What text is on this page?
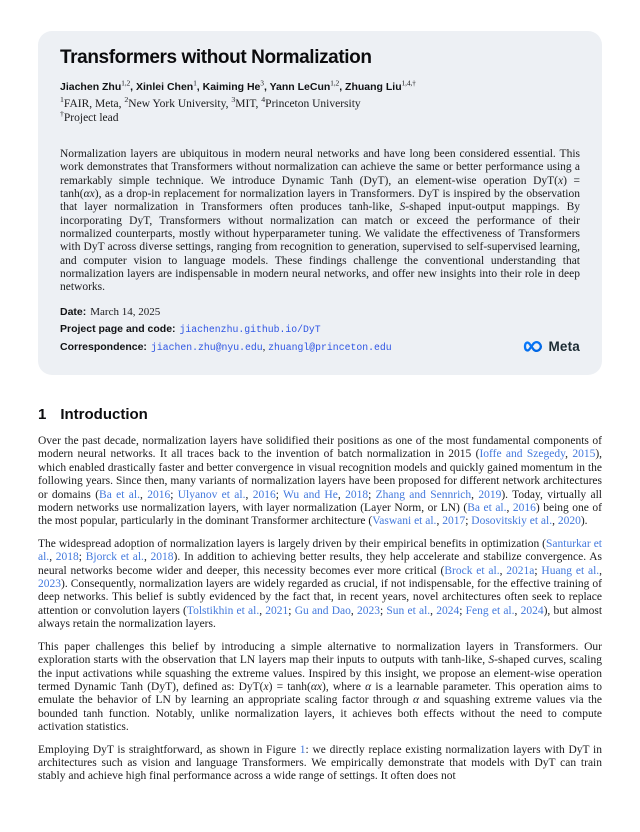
Transformers without Normalization
Jiachen Zhu$^{1,2}$, Xinlei Chen$^1$, Kaiming He$^3$, Yann LeCun$^{1,2}$, Zhuang Liu$^{1,4,\dagger}$
$^1$FAIR, Meta, $^2$New York University, $^3$MIT, $^4$Princeton University
†Project lead
Normalization layers are ubiquitous in modern neural networks and have long been considered essential. This work demonstrates that Transformers without normalization can achieve the same or better performance using a remarkably simple technique. We introduce Dynamic Tanh (DyT), an element-wise operation DyT(x) = tanh(αx), as a drop-in replacement for normalization layers in Transformers. DyT is inspired by the observation that layer normalization in Transformers often produces tanh-like, S-shaped input-output mappings. By incorporating DyT, Transformers without normalization can match or exceed the performance of their normalized counterparts, mostly without hyperparameter tuning. We validate the effectiveness of Transformers with DyT across diverse settings, ranging from recognition to generation, supervised to self-supervised learning, and computer vision to language models. These findings challenge the conventional understanding that normalization layers are indispensable in modern neural networks, and offer new insights into their role in deep networks.
Date: March 14, 2025
Project page and code: jiachenzhu.github.io/DyT
Correspondence: jiachen.zhu@nyu.edu, zhuangl@princeton.edu	Meta
1 Introduction

Over the past decade, normalization layers have solidified their positions as one of the most fundamental components of modern neural networks. It all traces back to the invention of batch normalization in 2015 (Ioffe and Szegedy, 2015), which enabled drastically faster and better convergence in visual recognition models and quickly gained momentum in the following years. Since then, many variants of normalization layers have been proposed for different network architectures or domains (Ba et al., 2016; Ulyanov et al., 2016; Wu and He, 2018; Zhang and Sennrich, 2019). Today, virtually all modern networks use normalization layers, with layer normalization (Layer Norm, or LN) (Ba et al., 2016) being one of the most popular, particularly in the dominant Transformer architecture (Vaswani et al., 2017; Dosovitskiy et al., 2020).

The widespread adoption of normalization layers is largely driven by their empirical benefits in optimization (Santurkar et al., 2018; Bjorck et al., 2018). In addition to achieving better results, they help accelerate and stabilize convergence. As neural networks become wider and deeper, this necessity becomes ever more critical (Brock et al., 2021a; Huang et al., 2023). Consequently, normalization layers are widely regarded as crucial, if not indispensable, for the effective training of deep networks. This belief is subtly evidenced by the fact that, in recent years, novel architectures often seek to replace attention or convolution layers (Tolstikhin et al., 2021; Gu and Dao, 2023; Sun et al., 2024; Feng et al., 2024), but almost always retain the normalization layers.

This paper challenges this belief by introducing a simple alternative to normalization layers in Transformers. Our exploration starts with the observation that LN layers map their inputs to outputs with tanh-like, S-shaped curves, scaling the input activations while squashing the extreme values. Inspired by this insight, we propose an element-wise operation termed Dynamic Tanh (DyT), defined as: DyT(x) = tanh(αx), where α is a learnable parameter. This operation aims to emulate the behavior of LN by learning an appropriate scaling factor through α and squashing extreme values via the bounded tanh function. Notably, unlike normalization layers, it achieves both effects without the need to compute activation statistics.

Employing DyT is straightforward, as shown in Figure 1: we directly replace existing normalization layers with DyT in architectures such as vision and language Transformers. We empirically demonstrate that models with DyT can train stably and achieve high final performance across a wide range of settings. It often does not
